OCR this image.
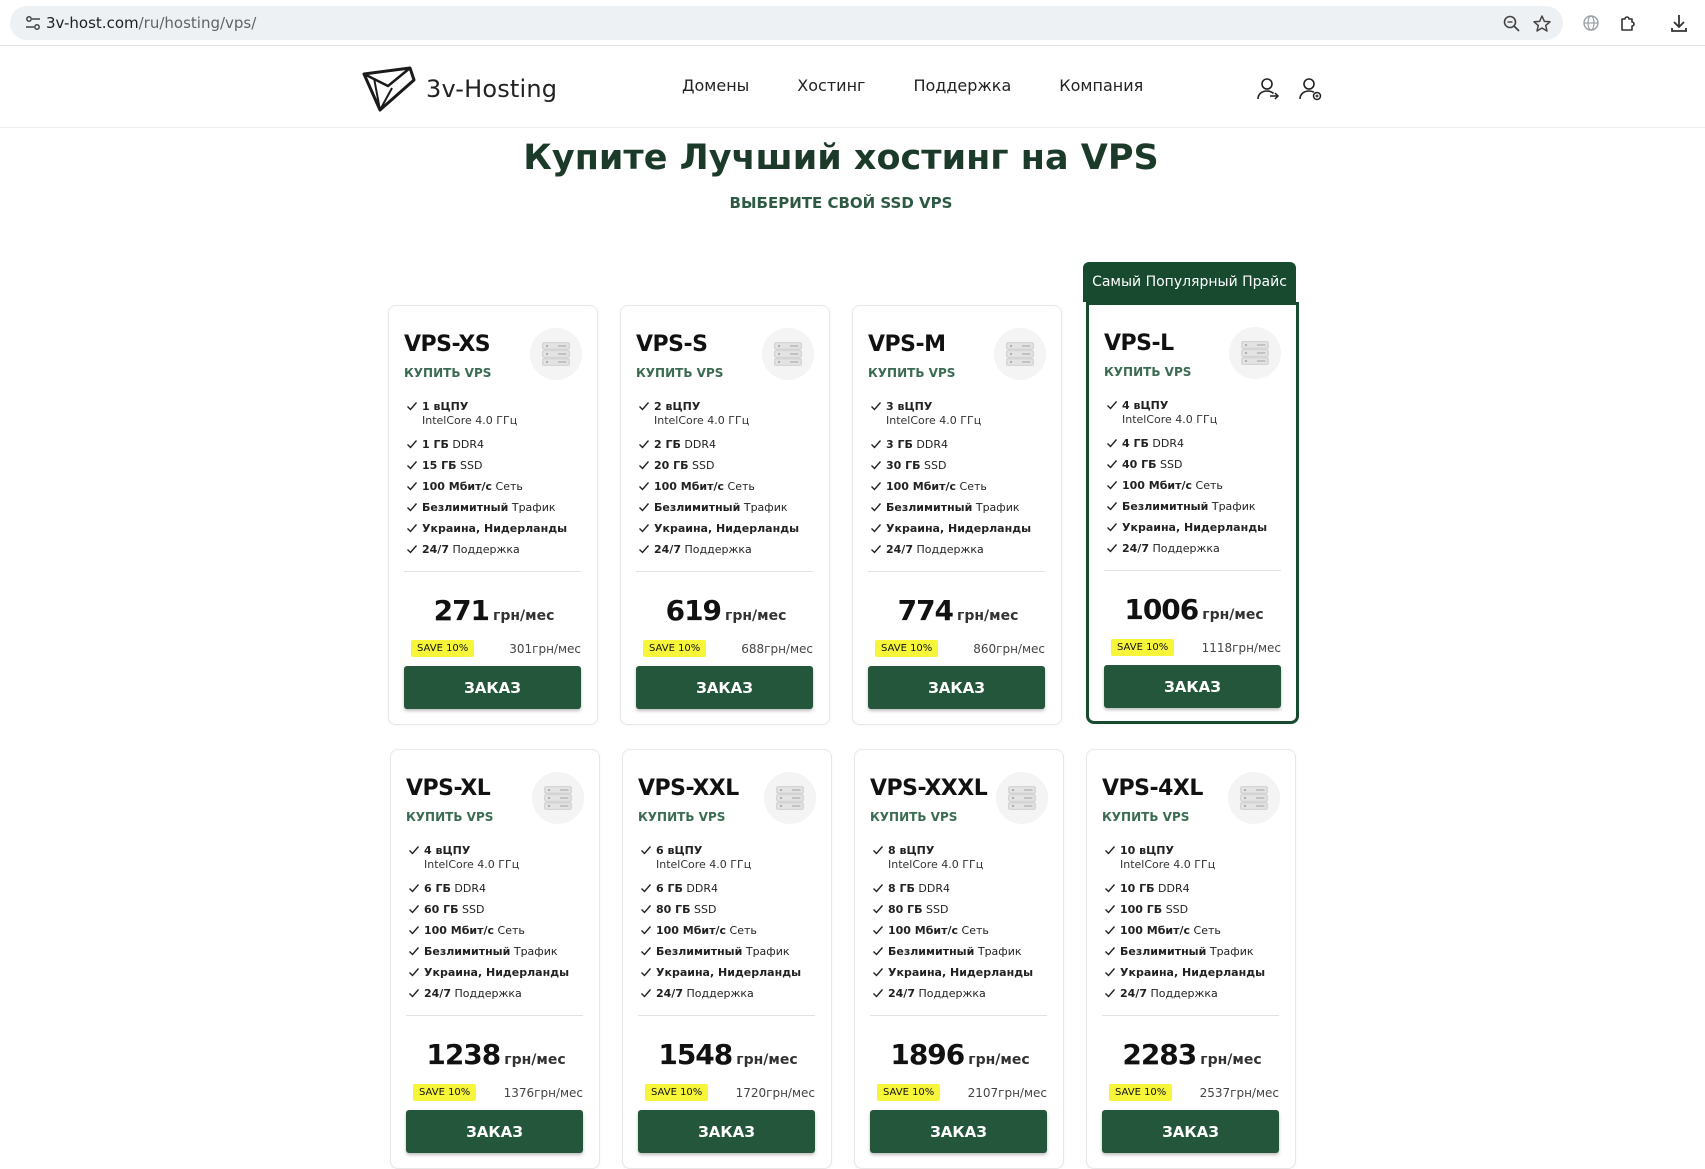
3v-host.com/ru/hosting/vps/
3v-Hosting	Домены	Хостинг	Поддержка	Компания
Купите Лучший хостинг на VPS
ВЫБЕРИТЕ СВОЙ SSD VPS
Самый Популярный Прайс
VPS-XS
КУПИТЬ VPS
1 вЦПУ
IntelCore 4.0 ГГц
1 ГБ DDR4
15 ГБ SSD
100 Мбит/с Сеть
Безлимитный Трафик
Украина, Нидерланды
24/7 Поддержка
271 грн/мес
SAVE 10%	301грн/мес
ЗАКАЗ
VPS-S
КУПИТЬ VPS
2 вЦПУ
IntelCore 4.0 ГГц
2 ГБ DDR4
20 ГБ SSD
100 Мбит/с Сеть
Безлимитный Трафик
Украина, Нидерланды
24/7 Поддержка
619 грн/мес
SAVE 10%	688грн/мес
ЗАКАЗ
VPS-M
КУПИТЬ VPS
3 вЦПУ
IntelCore 4.0 ГГц
3 ГБ DDR4
30 ГБ SSD
100 Мбит/с Сеть
Безлимитный Трафик
Украина, Нидерланды
24/7 Поддержка
774 грн/мес
SAVE 10%	860грн/мес
ЗАКАЗ
VPS-L
КУПИТЬ VPS
4 вЦПУ
IntelCore 4.0 ГГц
4 ГБ DDR4
40 ГБ SSD
100 Мбит/с Сеть
Безлимитный Трафик
Украина, Нидерланды
24/7 Поддержка
1006 грн/мес
SAVE 10%	1118грн/мес
ЗАКАЗ
VPS-XL
КУПИТЬ VPS
4 вЦПУ
IntelCore 4.0 ГГц
6 ГБ DDR4
60 ГБ SSD
100 Мбит/с Сеть
Безлимитный Трафик
Украина, Нидерланды
24/7 Поддержка
1238 грн/мес
SAVE 10%	1376грн/мес
ЗАКАЗ
VPS-XXL
КУПИТЬ VPS
6 вЦПУ
IntelCore 4.0 ГГц
6 ГБ DDR4
80 ГБ SSD
100 Мбит/с Сеть
Безлимитный Трафик
Украина, Нидерланды
24/7 Поддержка
1548 грн/мес
SAVE 10%	1720грн/мес
ЗАКАЗ
VPS-XXXL
КУПИТЬ VPS
8 вЦПУ
IntelCore 4.0 ГГц
8 ГБ DDR4
80 ГБ SSD
100 Мбит/с Сеть
Безлимитный Трафик
Украина, Нидерланды
24/7 Поддержка
1896 грн/мес
SAVE 10%	2107грн/мес
ЗАКАЗ
VPS-4XL
КУПИТЬ VPS
10 вЦПУ
IntelCore 4.0 ГГц
10 ГБ DDR4
100 ГБ SSD
100 Мбит/с Сеть
Безлимитный Трафик
Украина, Нидерланды
24/7 Поддержка
2283 грн/мес
SAVE 10%	2537грн/мес
ЗАКАЗ
